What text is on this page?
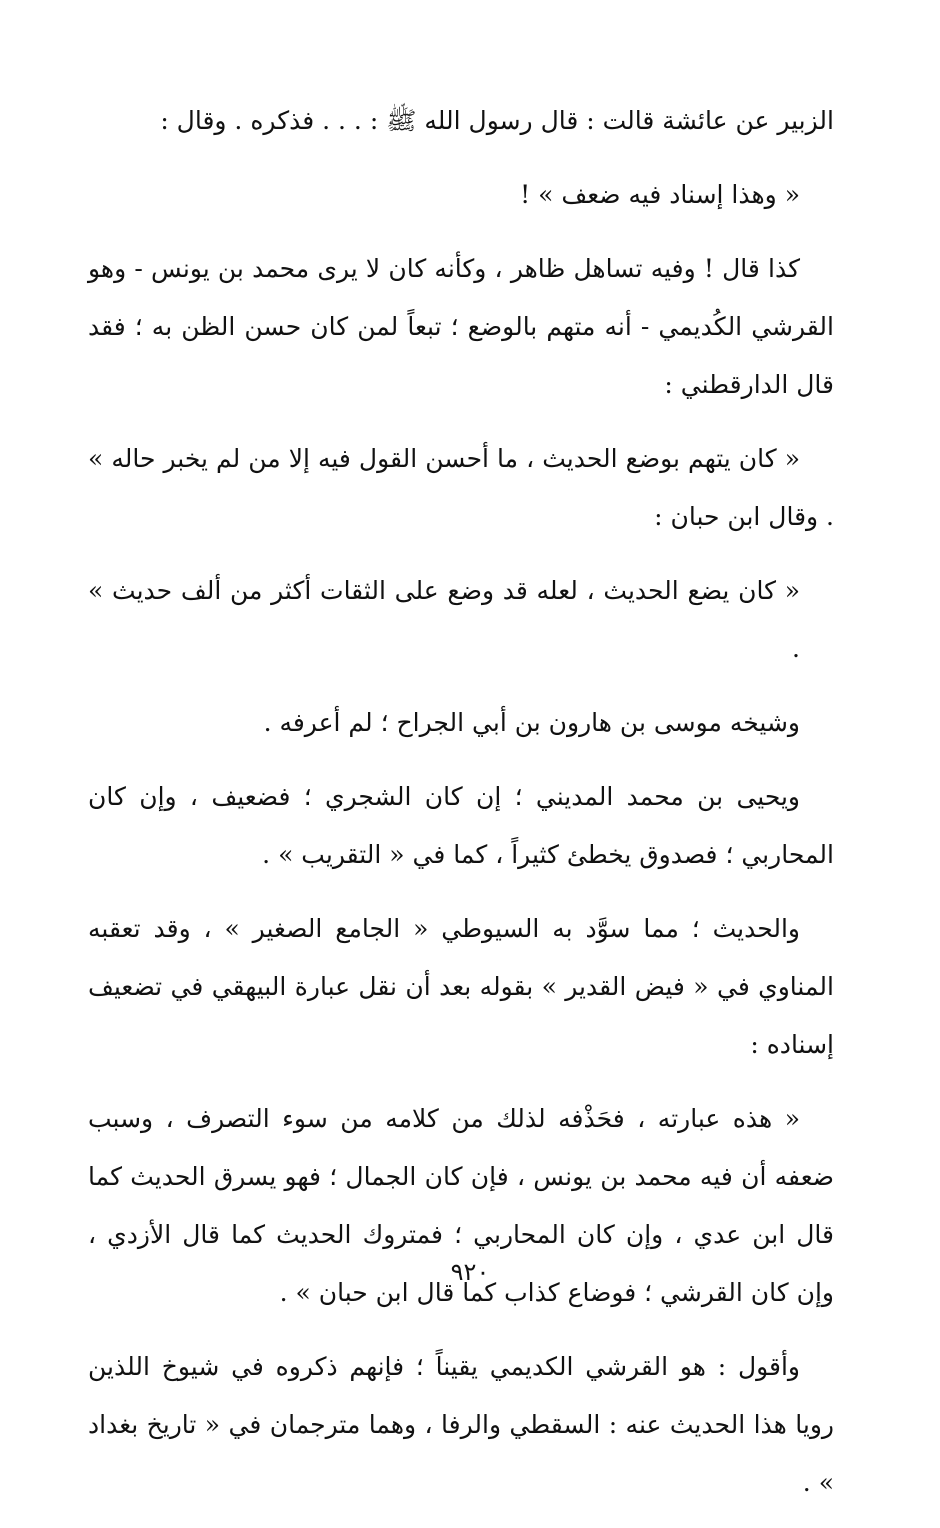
الزبير عن عائشة قالت : قال رسول الله ﷺ : . . . فذكره . وقال :

« وهذا إسناد فيه ضعف » !

كذا قال ! وفيه تساهل ظاهر ، وكأنه كان لا يرى محمد بن يونس - وهو القرشي الكُديمي - أنه متهم بالوضع ؛ تبعاً لمن كان حسن الظن به ؛ فقد قال الدارقطني :

« كان يتهم بوضع الحديث ، ما أحسن القول فيه إلا من لم يخبر حاله » . وقال ابن حبان :

« كان يضع الحديث ، لعله قد وضع على الثقات أكثر من ألف حديث » .

وشيخه موسى بن هارون بن أبي الجراح ؛ لم أعرفه .

ويحيى بن محمد المديني ؛ إن كان الشجري ؛ فضعيف ، وإن كان المحاربي ؛ فصدوق يخطئ كثيراً ، كما في « التقريب » .

والحديث ؛ مما سوَّد به السيوطي « الجامع الصغير » ، وقد تعقبه المناوي في « فيض القدير » بقوله بعد أن نقل عبارة البيهقي في تضعيف إسناده :

« هذه عبارته ، فحَذْفه لذلك من كلامه من سوء التصرف ، وسبب ضعفه أن فيه محمد بن يونس ، فإن كان الجمال ؛ فهو يسرق الحديث كما قال ابن عدي ، وإن كان المحاربي ؛ فمتروك الحديث كما قال الأزدي ، وإن كان القرشي ؛ فوضاع كذاب كما قال ابن حبان » .

وأقول : هو القرشي الكديمي يقيناً ؛ فإنهم ذكروه في شيوخ اللذين رويا هذا الحديث عنه : السقطي والرفا ، وهما مترجمان في « تاريخ بغداد » .

٩٢٠
